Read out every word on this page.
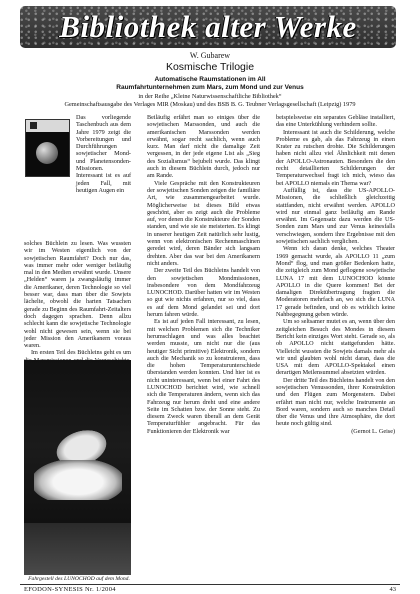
Bibliothek alter Werke
W. Gubarew
Kosmische Trilogie
Automatische Raumstationen im All
Raumfahrtunternehmen zum Mars, zum Mond und zur Venus
in der Reihe „Kleine Naturwissenschaftliche Bibliothek“
Gemeinschaftsausgabe des Verlages MIR (Moskau) und des BSB B. G. Teubner Verlagsgesellschaft (Leipzig) 1979

Das vorliegende Taschenbuch aus dem Jahre 1979 zeigt die Vorbereitungen und Durchführungen sowjetischer Mond- und Planetensonden-Missionen. Interessant ist es auf jeden Fall, mit heutigen Augen ein

solches Büchlein zu lesen. Was wussten wir im Westen eigentlich von der sowjetischen Raumfahrt? Doch nur das, was immer mehr oder weniger beiläufig mal in den Medien erwähnt wurde. Unsere „Helden“ waren ja zwangsläufig immer die Amerikaner, deren Technologie so viel besser war, dass man über die Sowjets lächelte, obwohl die harten Tatsachen gerade zu Beginn des Raumfahrt-Zeitalters doch dagegen sprachen. Denn allzu schlecht kann die sowjetische Technologie wohl nicht gewesen sein, wenn sie bei jeder Mission den Amerikanern voraus waren.

Im ersten Teil des Büchleins geht es um

Fahrgestell des LUNOCHOD auf dem Mond.

Beiläufig erfährt man so einiges über die sowjetischen Marssonden, und auch die amerikanischen Marssonden werden erwähnt, sogar recht sachlich, wenn auch kurz. Man darf nicht die damalige Zeit vergessen, in der jede eigene List als „Sieg des Sozialismus“ bejubelt wurde. Das klingt auch in diesem Büchlein durch, jedoch nur am Rande.

Viele Gespräche mit den Konstrukteuren der sowjetischen Sonden zeigen die familiäre Art, wie zusammengearbeitet wurde. Möglicherweise ist dieses Bild etwas geschönt, aber es zeigt auch die Probleme auf, vor denen die Konstrukteure der Sonden standen, und wie sie sie meisterten. Es klingt in unserer heutigen Zeit natürlich sehr lustig, wenn von elektronischen Rechenmaschinen geredet wird, deren Bänder sich langsam drehten. Aber das war bei den Amerikanern nicht anders.

Der zweite Teil des Büchleins handelt von den sowjetischen Mondmissionen, insbesondere von dem Mondfahrzeug LUNOCHOD. Darüber hatten wir im Westen so gut wie nichts erfahren, nur so viel, dass es auf dem Mond gelandet sei und dort herum fahren würde.

Es ist auf jeden Fall interessant, zu lesen, mit welchen Problemen sich die Techniker herumschlagen und was alles beachtet werden musste, um nicht nur die (aus heutiger Sicht primitive) Elektronik, sondern auch die Mechanik so zu konstruieren, dass die hohen Temperaturunterschiede überstanden werden konnten. Und hier ist es nicht uninteressant, wenn bei einer Fahrt des LUNOCHOD berichtet wird, wie schnell sich die Temperaturen ändern, wenn sich das Fahrzeug nur herum dreht und eine andere Seite im Schatten bzw. der Sonne steht. Zu diesem Zweck waren überall an dem Gerät Temperaturfühler angebracht. Für das Funktionieren der Elektronik war

beispielsweise ein separates Gebläse installiert, das eine Unterkühlung verhindern sollte.

Interessant ist auch die Schilderung, welche Probleme es gab, als das Fahrzeug in einen Krater zu rutschen drohte. Die Schilderungen haben nicht allzu viel Ähnlichkeit mit denen der APOLLO-Astronauten. Besonders die den recht detaillierten Schilderungen der Temperaturwechsel fragt ich mich, wieso das bei APOLLO niemals ein Thema war?

Auffällig ist, dass die US-APOLLO-Missionen, die schließlich gleichzeitig stattfanden, nicht erwähnt werden. APOLLO wird nur einmal ganz beiläufig am Rande erwähnt. Im Gegensatz dazu werden die US-Sonden zum Mars und zur Venus keinesfalls verschwiegen, sondern ihre Ergebnisse mit den sowjetischen sachlich verglichen.

Wenn ich daran denke, welches Theater 1969 gemacht wurde, als APOLLO 11 „zum Mond“ flog, und man größer Bedenken hatte, die zeitgleich zum Mond geflogene sowjetische LUNA 17 mit dem LUNOCHOD könnte APOLLO in die Quere kommen! Bei der damaligen Direktübertragung fragten die Moderatoren mehrfach an, wo sich die LUNA 17 gerade befinden, und ob es wirklich keine Nahbegegnung geben würde.

Um so seltsamer mutet es an, wenn über den zeitgleichen Besuch des Mondes in diesem Bericht kein einziges Wort steht. Gerade so, als ob APOLLO nicht stattgefunden hätte. Vielleicht wussten die Sowjets damals mehr als wir und glaubten wohl nicht daran, dass die USA mit dem APOLLO-Spektakel einen derartigen Meilensummel absetzten würden.

Der dritte Teil des Büchleins handelt von den sowjetischen Venussonden, ihrer Konstruktion und den Flügen zum Morgenstern. Dabei erfährt man nicht nur, welche Instrumente an Bord waren, sondern auch so manches Detail über die Venus und ihre Atmosphäre, die dort heute noch gültig sind.

(Gernot L. Geise)
EFODON-SYNESIS Nr. 1/2004	43
